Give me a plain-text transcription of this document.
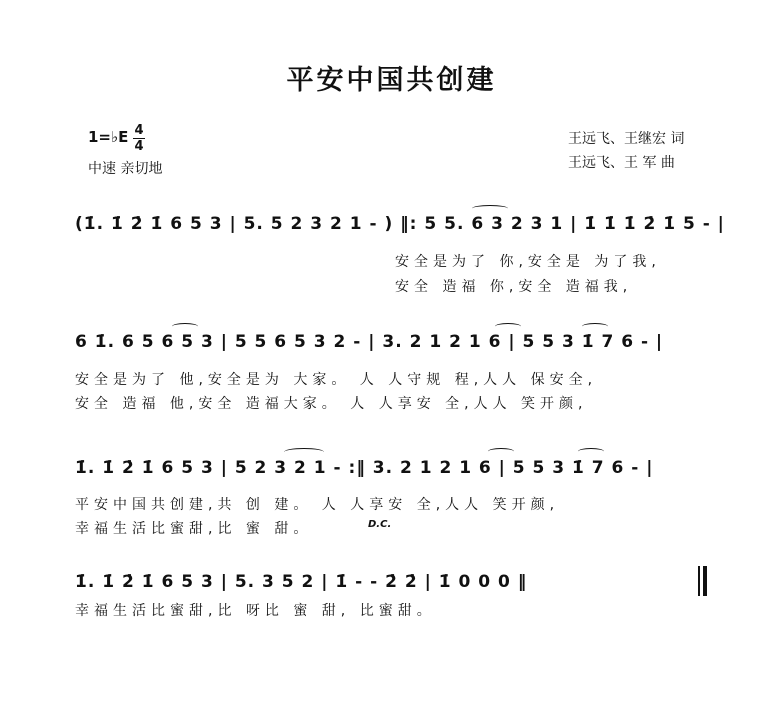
平安中国共创建
1=♭E 4
4
中速 亲切地
王远飞、王继宏 词
王远飞、王 军 曲
(1̇. 1̇ 2̇ 1̇ 6 5 3 | 5. 5 2 3 2 1 - ) ‖: 5 5. 6 3 2 3 1 | 1̇ 1̇ 1̇ 2̇ 1̇ 5 - |
安全是为了 你,安全是 为了我,
安全 造福 你,安全 造福我,
6 1̇. 6 5 6 5 3 | 5 5 6 5 3 2 - | 3. 2 1 2 1 6 | 5 5 3 1̇ 7 6 - |
安全是为了 他,安全是为 大家。 人 人守规 程,人人 保安全,
安全 造福 他,安全 造福大家。 人 人享安 全,人人 笑开颜,
1̇. 1̇ 2̇ 1̇ 6 5 3 | 5 2 3 2 1 - :‖ 3. 2 1 2 1 6 | 5 5 3 1̇ 7 6 - |
平安中国共创建,共 创 建。 人 人享安 全,人人 笑开颜,
幸福生活比蜜甜,比 蜜 甜。	D.C.
1̇. 1̇ 2̇ 1̇ 6 5 3 | 5. 3 5 2 | 1̇ - - 2̇ 2̇ | 1̇ 0 0 0 ‖
幸福生活比蜜甜,比 呀比 蜜 甜, 比蜜甜。
